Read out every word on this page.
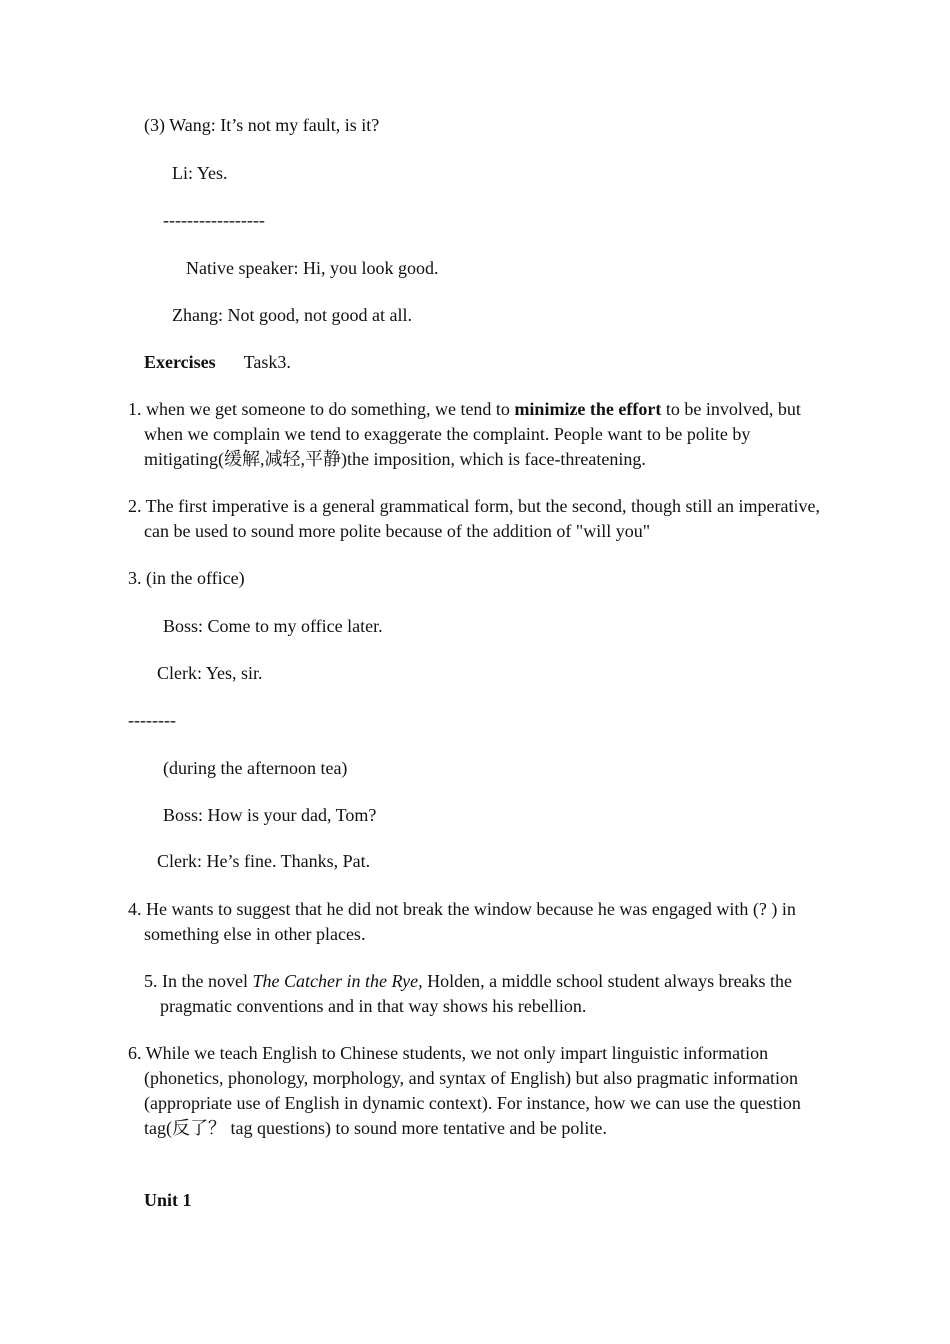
(3) Wang: It’s not my fault, is it?
Li: Yes.
-----------------
Native speaker: Hi, you look good.
Zhang: Not good, not good at all.
Exercises Task3.
1. when we get someone to do something, we tend to minimize the effort to be involved, but when we complain we tend to exaggerate the complaint. People want to be polite by mitigating(缓解,减轻,平静)the imposition, which is face-threatening.
2. The first imperative is a general grammatical form, but the second, though still an imperative, can be used to sound more polite because of the addition of "will you"
3. (in the office)
Boss: Come to my office later.
Clerk: Yes, sir.
--------
(during the afternoon tea)
Boss: How is your dad, Tom?
Clerk: He’s fine. Thanks, Pat.
4. He wants to suggest that he did not break the window because he was engaged with (? ) in something else in other places.
5. In the novel The Catcher in the Rye, Holden, a middle school student always breaks the pragmatic conventions and in that way shows his rebellion.
6. While we teach English to Chinese students, we not only impart linguistic information (phonetics, phonology, morphology, and syntax of English) but also pragmatic information (appropriate use of English in dynamic context). For instance, how we can use the question tag(反了？ tag questions) to sound more tentative and be polite.
Unit 1
